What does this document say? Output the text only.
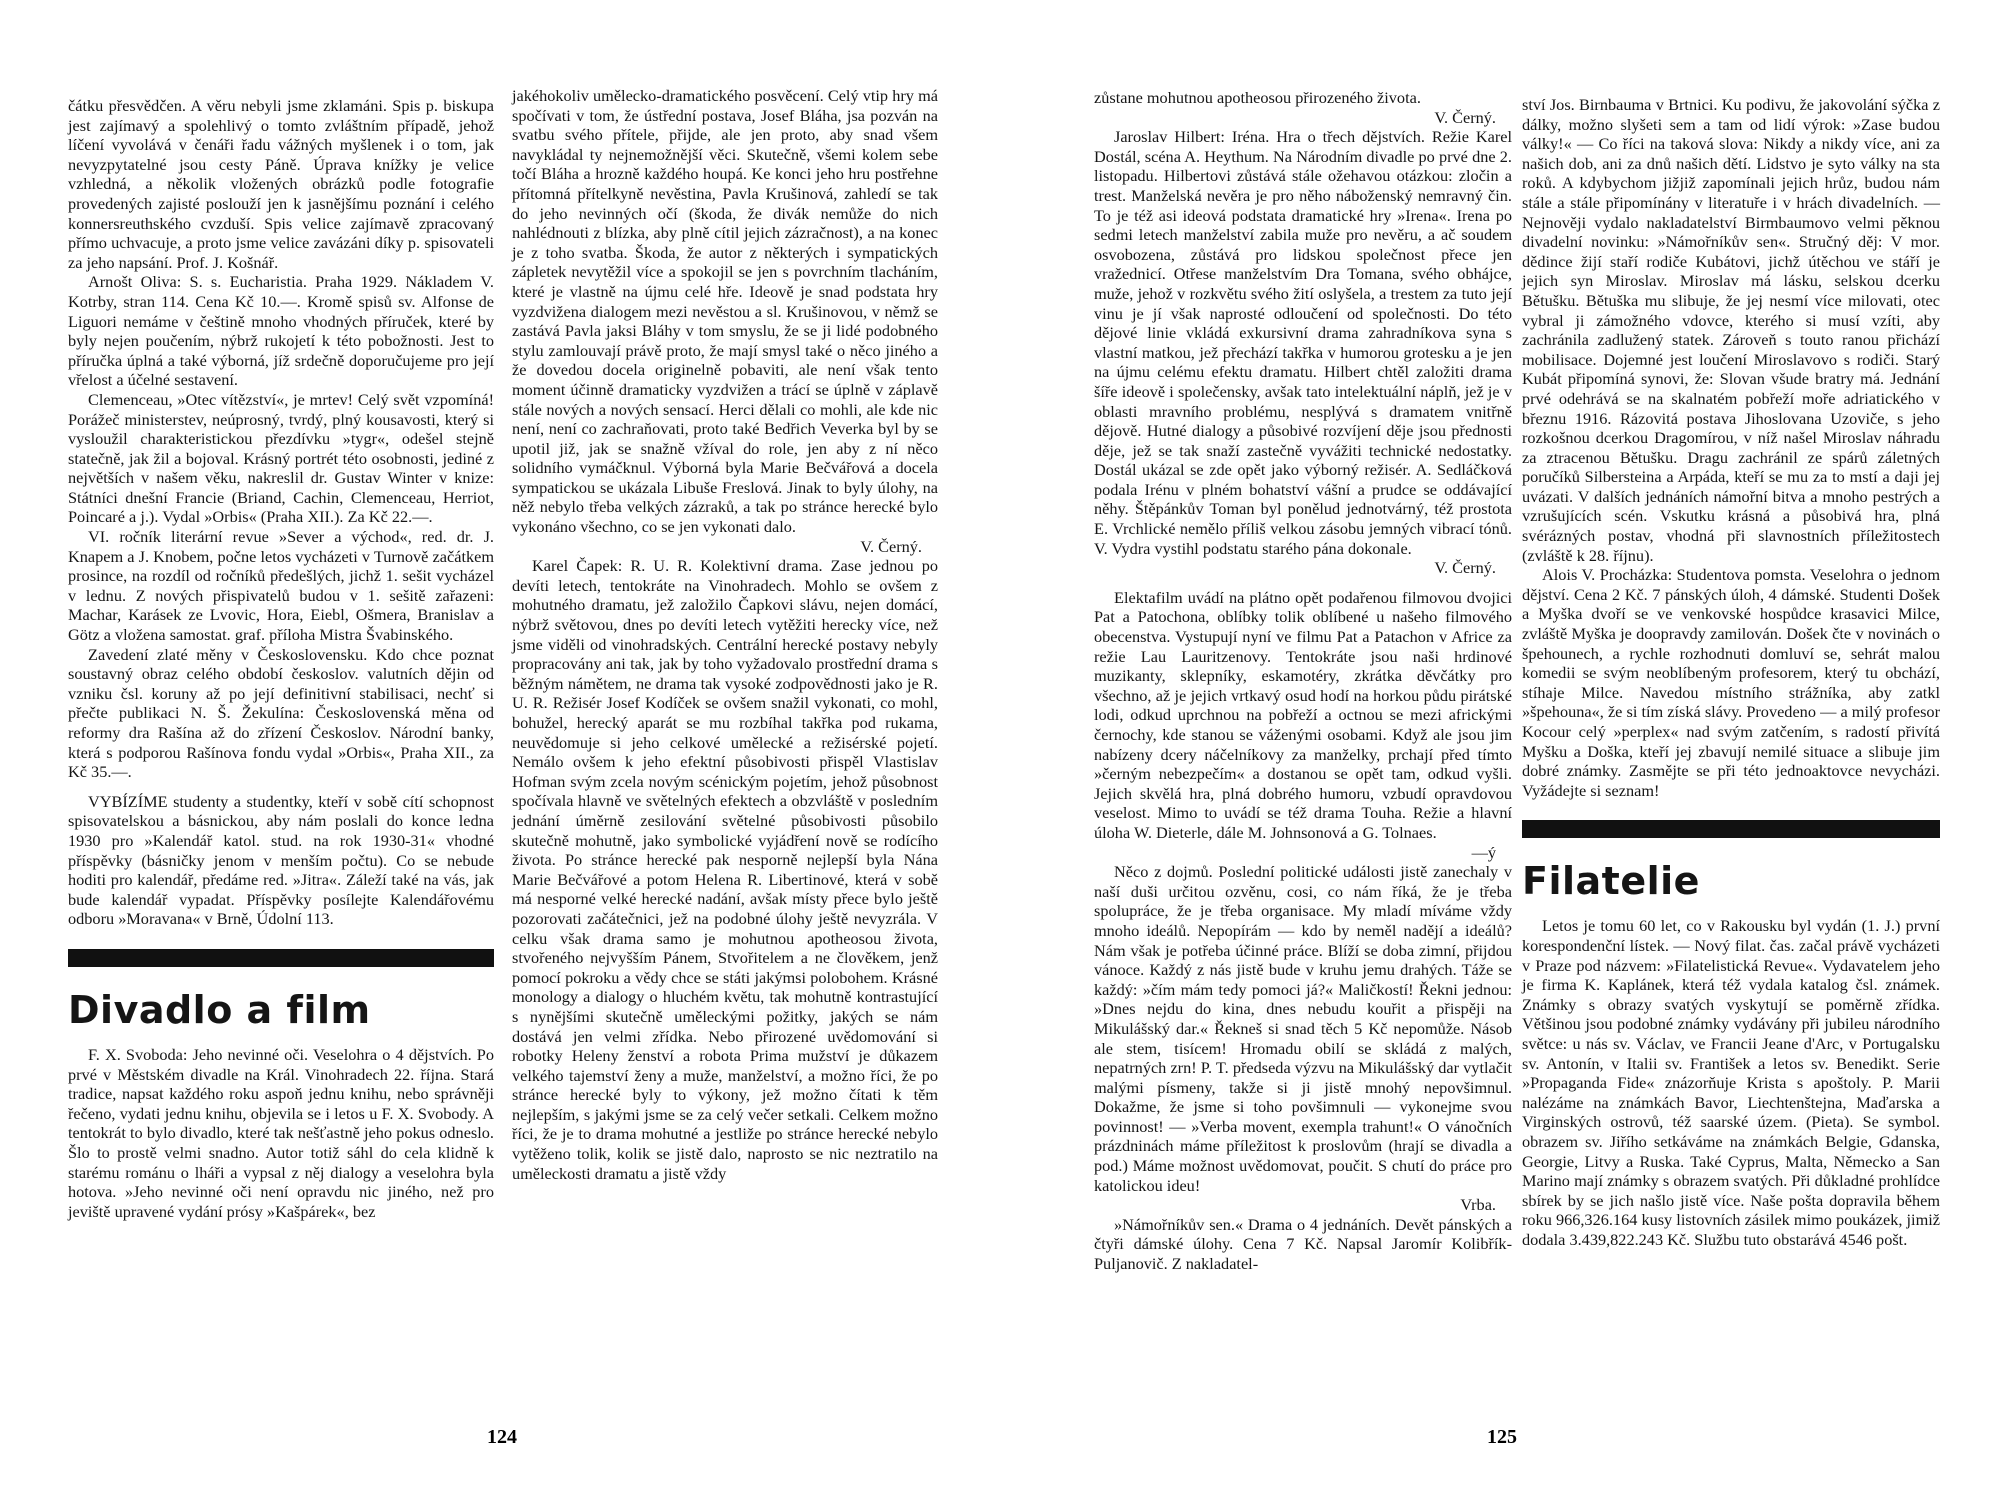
čátku přesvědčen. A věru nebyli jsme zklamáni. Spis p. biskupa jest zajímavý a spolehlivý o tomto zvláštním případě, jehož líčení vyvolává v čenáři řadu vážných myšlenek i o tom, jak nevyzpytatelné jsou cesty Páně. Úprava knížky je velice vzhledná, a několik vložených obrázků podle fotografie provedených zajisté poslouží jen k jasnějšímu poznání i celého konnersreuthského cvzduší. Spis velice zajímavě zpracovaný přímo uchvacuje, a proto jsme velice zavázáni díky p. spisovateli za jeho napsání. Prof. J. Košnář.

Arnošt Oliva: S. s. Eucharistia. Praha 1929. Nákladem V. Kotrby, stran 114. Cena Kč 10.—. Kromě spisů sv. Alfonse de Liguori nemáme v češtině mnoho vhodných příruček, které by byly nejen poučením, nýbrž rukojetí k této pobožnosti. Jest to příručka úplná a také výborná, jíž srdečně doporučujeme pro její vřelost a účelné sestavení.

Clemenceau, »Otec vítězství«, je mrtev! Celý svět vzpomíná! Porážeč ministerstev, neúprosný, tvrdý, plný kousavosti, který si vysloužil charakteristickou přezdívku »tygr«, odešel stejně statečně, jak žil a bojoval. Krásný portrét této osobnosti, jediné z největších v našem věku, nakreslil dr. Gustav Winter v knize: Státníci dnešní Francie (Briand, Cachin, Clemenceau, Herriot, Poincaré a j.). Vydal »Orbis« (Praha XII.). Za Kč 22.—.

VI. ročník literární revue »Sever a východ«, red. dr. J. Knapem a J. Knobem, počne letos vycházeti v Turnově začátkem prosince, na rozdíl od ročníků předešlých, jichž 1. sešit vycházel v lednu. Z nových přispivatelů budou v 1. sešitě zařazeni: Machar, Karásek ze Lvovic, Hora, Eiebl, Ošmera, Branislav a Götz a vložena samostat. graf. příloha Mistra Švabinského.

Zavedení zlaté měny v Československu. Kdo chce poznat soustavný obraz celého období českoslov. valutních dějin od vzniku čsl. koruny až po její definitivní stabilisaci, nechť si přečte publikaci N. Š. Žekulína: Československá měna od reformy dra Rašína až do zřízení Českoslov. Národní banky, která s podporou Rašínova fondu vydal »Orbis«, Praha XII., za Kč 35.—.

VYBÍZÍME studenty a studentky, kteří v sobě cítí schopnost spisovatelskou a básnickou, aby nám poslali do konce ledna 1930 pro »Kalendář katol. stud. na rok 1930-31« vhodné příspěvky (básničky jenom v menším počtu). Co se nebude hoditi pro kalendář, předáme red. »Jitra«. Záleží také na vás, jak bude kalendář vypadat. Příspěvky posílejte Kalendářovému odboru »Moravana« v Brně, Údolní 113.

Divadlo a film

F. X. Svoboda: Jeho nevinné oči. Veselohra o 4 dějstvích. Po prvé v Městském divadle na Král. Vinohradech 22. října. Stará tradice, napsat každého roku aspoň jednu knihu, nebo správněji řečeno, vydati jednu knihu, objevila se i letos u F. X. Svobody. A tentokrát to bylo divadlo, které tak nešťastně jeho pokus odneslo. Šlo to prostě velmi snadno. Autor totiž sáhl do cela klidně k starému románu o lháři a vypsal z něj dialogy a veselohra byla hotova. »Jeho nevinné oči není opravdu nic jiného, než pro jeviště upravené vydání prósy »Kašpárek«, bez

jakéhokoliv umělecko-dramatického posvěcení. Celý vtip hry má spočívati v tom, že ústřední postava, Josef Bláha, jsa pozván na svatbu svého přítele, přijde, ale jen proto, aby snad všem navykládal ty nejnemožnější věci. Skutečně, všemi kolem sebe točí Bláha a hrozně každého houpá. Ke konci jeho hru postřehne přítomná přítelkyně nevěstina, Pavla Krušinová, zahledí se tak do jeho nevinných očí (škoda, že divák nemůže do nich nahlédnouti z blízka, aby plně cítil jejich zázračnost), a na konec je z toho svatba. Škoda, že autor z některých i sympatických zápletek nevytěžil více a spokojil se jen s povrchním tlacháním, které je vlastně na újmu celé hře. Ideově je snad podstata hry vyzdvižena dialogem mezi nevěstou a sl. Krušinovou, v němž se zastává Pavla jaksi Bláhy v tom smyslu, že se ji lidé podobného stylu zamlouvají právě proto, že mají smysl také o něco jiného a že dovedou docela originelně pobaviti, ale není však tento moment účinně dramaticky vyzdvižen a trácí se úplně v záplavě stále nových a nových sensací. Herci dělali co mohli, ale kde nic není, není co zachraňovati, proto také Bedřich Veverka byl by se upotil již, jak se snažně vžíval do role, jen aby z ní něco solidního vymáčknul. Výborná byla Marie Bečvářová a docela sympatickou se ukázala Libuše Freslová. Jinak to byly úlohy, na něž nebylo třeba velkých zázraků, a tak po stránce herecké bylo vykonáno všechno, co se jen vykonati dalo.

V. Černý.

Karel Čapek: R. U. R. Kolektivní drama. Zase jednou po devíti letech, tentokráte na Vinohradech. Mohlo se ovšem z mohutného dramatu, jež založilo Čapkovi slávu, nejen domácí, nýbrž světovou, dnes po devíti letech vytěžiti herecky více, než jsme viděli od vinohradských. Centrální herecké postavy nebyly propracovány ani tak, jak by toho vyžadovalo prostřední drama s běžným námětem, ne drama tak vysoké zodpovědnosti jako je R. U. R. Režisér Josef Kodíček se ovšem snažil vykonati, co mohl, bohužel, herecký aparát se mu rozbíhal takřka pod rukama, neuvědomuje si jeho celkové umělecké a režisérské pojetí. Nemálo ovšem k jeho efektní působivosti přispěl Vlastislav Hofman svým zcela novým scénickým pojetím, jehož působnost spočívala hlavně ve světelných efektech a obzvláště v posledním jednání úměrně zesilování světelné působivosti působilo skutečně mohutně, jako symbolické vyjádření nově se rodícího života. Po stránce herecké pak nesporně nejlepší byla Nána Marie Bečvářové a potom Helena R. Libertinové, která v sobě má nesporné velké herecké nadání, avšak místy přece bylo ještě pozorovati začátečnici, jež na podobné úlohy ještě nevyzrála. V celku však drama samo je mohutnou apotheosou života, stvořeného nejvyšším Pánem, Stvořitelem a ne člověkem, jenž pomocí pokroku a vědy chce se státi jakýmsi polobohem. Krásné monology a dialogy o hluchém květu, tak mohutně kontrastující s nynějšími skutečně uměleckými požitky, jakých se nám dostává jen velmi zřídka. Nebo přirozené uvědomování si robotky Heleny ženství a robota Prima mužství je důkazem velkého tajemství ženy a muže, manželství, a možno říci, že po stránce herecké byly to výkony, jež možno čítati k těm nejlepším, s jakými jsme se za celý večer setkali. Celkem možno říci, že je to drama mohutné a jestliže po stránce herecké nebylo vytěženo tolik, kolik se jistě dalo, naprosto se nic neztratilo na uměleckosti dramatu a jistě vždy

124

zůstane mohutnou apotheosou přirozeného života.

V. Černý.

Jaroslav Hilbert: Iréna. Hra o třech dějstvích. Režie Karel Dostál, scéna A. Heythum. Na Národním divadle po prvé dne 2. listopadu. Hilbertovi zůstává stále ožehavou otázkou: zločin a trest. Manželská nevěra je pro něho náboženský nemravný čin. To je též asi ideová podstata dramatické hry »Irena«. Irena po sedmi letech manželství zabila muže pro nevěru, a ač soudem osvobozena, zůstává pro lidskou společnost přece jen vražednicí. Otřese manželstvím Dra Tomana, svého obhájce, muže, jehož v rozkvětu svého žití oslyšela, a trestem za tuto její vinu je jí však naprosté odloučení od společnosti. Do této dějové linie vkládá exkursivní drama zahradníkova syna s vlastní matkou, jež přechází takřka v humorou grotesku a je jen na újmu celému efektu dramatu. Hilbert chtěl založiti drama šíře ideově i společensky, avšak tato intelektuální náplň, jež je v oblasti mravního problému, nesplývá s dramatem vnitřně dějově. Hutné dialogy a působivé rozvíjení děje jsou přednosti děje, jež se tak snaží zastečně vyvážiti technické nedostatky. Dostál ukázal se zde opět jako výborný režisér. A. Sedláčková podala Irénu v plném bohatství vášní a prudce se oddávající něhy. Štěpánkův Toman byl ponělud jednotvárný, též prostota E. Vrchlické nemělo příliš velkou zásobu jemných vibrací tónů. V. Vydra vystihl podstatu starého pána dokonale.

V. Černý.

Elektafilm uvádí na plátno opět podařenou filmovou dvojici Pat a Patochona, oblíbky tolik oblíbené u našeho filmového obecenstva. Vystupují nyní ve filmu Pat a Patachon v Africe za režie Lau Lauritzenovy. Tentokráte jsou naši hrdinové muzikanty, sklepníky, eskamotéry, zkrátka děvčátky pro všechno, až je jejich vrtkavý osud hodí na horkou půdu pirátské lodi, odkud uprchnou na pobřeží a octnou se mezi africkými černochy, kde stanou se váženými osobami. Když ale jsou jim nabízeny dcery náčelníkovy za manželky, prchají před tímto »černým nebezpečím« a dostanou se opět tam, odkud vyšli. Jejich skvělá hra, plná dobrého humoru, vzbudí opravdovou veselost. Mimo to uvádí se též drama Touha. Režie a hlavní úloha W. Dieterle, dále M. Johnsonová a G. Tolnaes.

—ý

Něco z dojmů. Poslední politické události jistě zanechaly v naší duši určitou ozvěnu, cosi, co nám říká, že je třeba spolupráce, že je třeba organisace. My mladí míváme vždy mnoho ideálů. Nepopírám — kdo by neměl nadějí a ideálů? Nám však je potřeba účinné práce. Blíží se doba zimní, přijdou vánoce. Každý z nás jistě bude v kruhu jemu drahých. Táže se každý: »čím mám tedy pomoci já?« Maličkostí! Řekni jednou: »Dnes nejdu do kina, dnes nebudu kouřit a přispěji na Mikulášský dar.« Řekneš si snad těch 5 Kč nepomůže. Násob ale stem, tisícem! Hromadu obilí se skládá z malých, nepatrných zrn! P. T. předseda výzvu na Mikulášský dar vytlačit malými písmeny, takže si ji jistě mnohý nepovšimnul. Dokažme, že jsme si toho povšimnuli — vykonejme svou povinnost! — »Verba movent, exempla trahunt!« O vánočních prázdninách máme příležitost k proslovům (hrají se divadla a pod.) Máme možnost uvědomovat, poučit. S chutí do práce pro katolickou ideu!

Vrba.

»Námořníkův sen.« Drama o 4 jednáních. Devět pánských a čtyři dámské úlohy. Cena 7 Kč. Napsal Jaromír Kolibřík-Puljanovič. Z nakladatel-

ství Jos. Birnbauma v Brtnici. Ku podivu, že jakovolání sýčka z dálky, možno slyšeti sem a tam od lidí výrok: »Zase budou války!« — Co říci na taková slova: Nikdy a nikdy více, ani za našich dob, ani za dnů našich dětí. Lidstvo je syto války na sta roků. A kdybychom jižjiž zapomínali jejich hrůz, budou nám stále a stále připomínány v literatuře i v hrách divadelních. — Nejnověji vydalo nakladatelství Birmbaumovo velmi pěknou divadelní novinku: »Námořníkův sen«. Stručný děj: V mor. dědince žijí staří rodiče Kubátovi, jichž útěchou ve stáří je jejich syn Miroslav. Miroslav má lásku, selskou dcerku Bětušku. Bětuška mu slibuje, že jej nesmí více milovati, otec vybral ji zámožného vdovce, kterého si musí vzíti, aby zachránila zadlužený statek. Zároveň s touto ranou přichází mobilisace. Dojemné jest loučení Miroslavovo s rodiči. Starý Kubát připomíná synovi, že: Slovan všude bratry má. Jednání prvé odehrává se na skalnatém pobřeží moře adriatického v březnu 1916. Rázovitá postava Jihoslovana Uzoviče, s jeho rozkošnou dcerkou Dragomírou, v níž našel Miroslav náhradu za ztracenou Bětušku. Dragu zachránil ze spárů záletných poručíků Silbersteina a Arpáda, kteří se mu za to mstí a daji jej uvázati. V dalších jednáních námořní bitva a mnoho pestrých a vzrušujících scén. Vskutku krásná a působivá hra, plná svérázných postav, vhodná při slavnostních příležitostech (zvláště k 28. říjnu).

Alois V. Procházka: Studentova pomsta. Veselohra o jednom dějství. Cena 2 Kč. 7 pánských úloh, 4 dámské. Studenti Došek a Myška dvoří se ve venkovské hospůdce krasavici Milce, zvláště Myška je doopravdy zamilován. Došek čte v novinách o špehounech, a rychle rozhodnuti domluví se, sehrát malou komedii se svým neoblíbeným profesorem, který tu obchází, stíhaje Milce. Navedou místního strážníka, aby zatkl »špehouna«, že si tím získá slávy. Provedeno — a milý profesor Kocour celý »perplex« nad svým zatčením, s radostí přivítá Myšku a Doška, kteří jej zbavují nemilé situace a slibuje jim dobré známky. Zasmějte se při této jednoaktovce nevycházi. Vyžádejte si seznam!

Filatelie

Letos je tomu 60 let, co v Rakousku byl vydán (1. J.) první korespondenční lístek. — Nový filat. čas. začal právě vycházeti v Praze pod názvem: »Filatelistická Revue«. Vydavatelem jeho je firma K. Kaplánek, která též vydala katalog čsl. známek. Známky s obrazy svatých vyskytují se poměrně zřídka. Většinou jsou podobné známky vydávány při jubileu národního světce: u nás sv. Václav, ve Francii Jeane d'Arc, v Portugalsku sv. Antonín, v Italii sv. František a letos sv. Benedikt. Serie »Propaganda Fide« znázorňuje Krista s apoštoly. P. Marii nalézáme na známkách Bavor, Liechtenštejna, Maďarska a Virginských ostrovů, též saarské územ. (Pieta). Se symbol. obrazem sv. Jiřího setkáváme na známkách Belgie, Gdanska, Georgie, Litvy a Ruska. Také Cyprus, Malta, Německo a San Marino mají známky s obrazem svatých. Při důkladné prohlídce sbírek by se jich našlo jistě více. Naše pošta dopravila během roku 966,326.164 kusy listovních zásilek mimo poukázek, jimiž dodala 3.439,822.243 Kč. Službu tuto obstarává 4546 pošt.

125
